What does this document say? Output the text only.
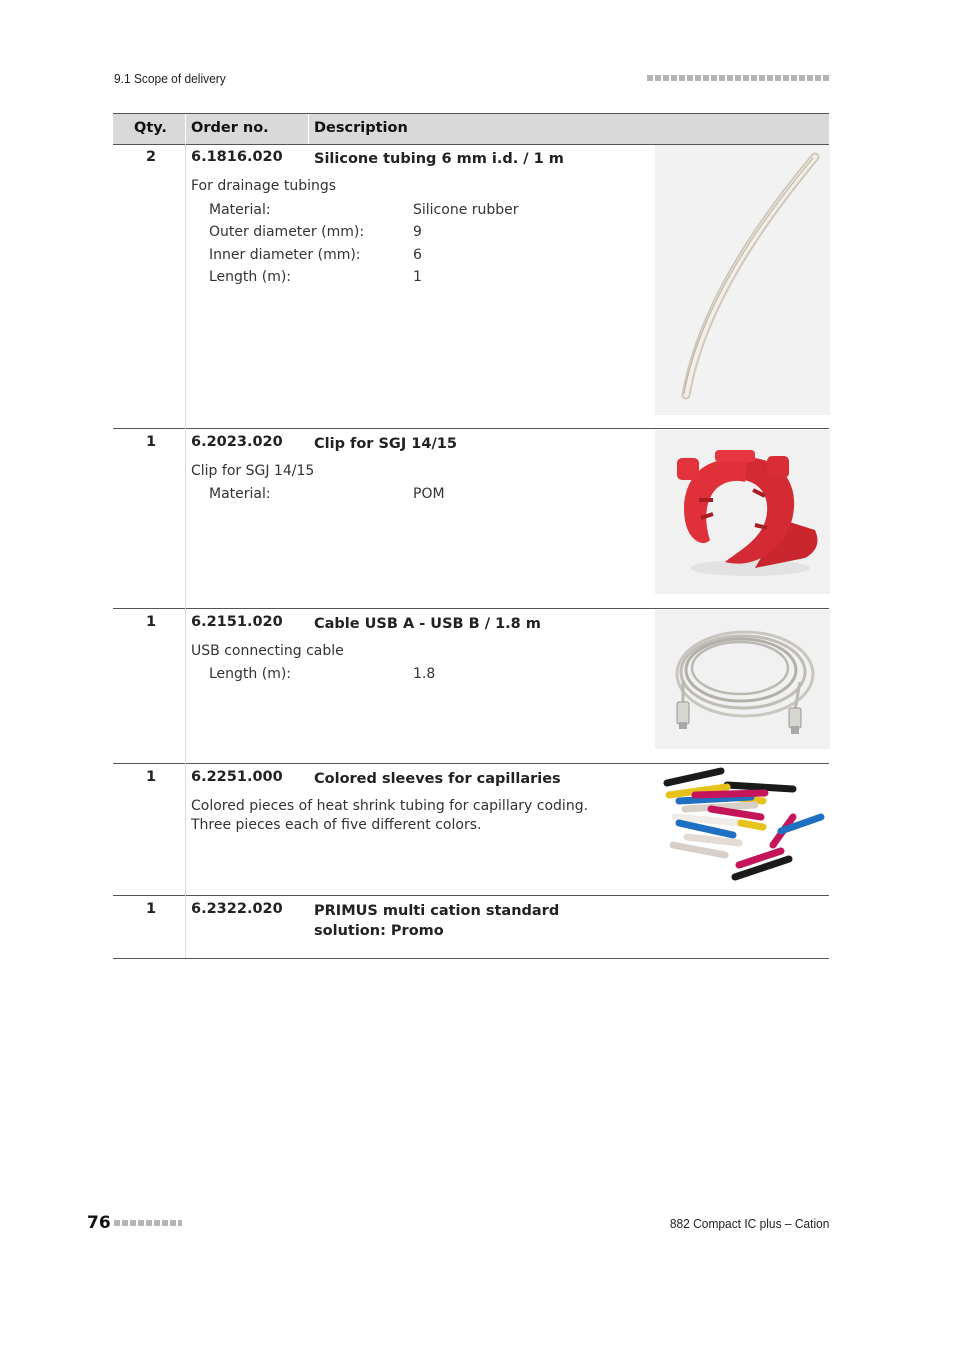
9.1 Scope of delivery
Qty. Order no.	Description
2 6.1816.020 Silicone tubing 6 mm i.d. / 1 m
For drainage tubings
Material:	Silicone rubber
Outer diameter (mm):	9
Inner diameter (mm):	6
Length (m):	1
1 6.2023.020 Clip for SGJ 14/15
Clip for SGJ 14/15
Material:	POM
1 6.2151.020 Cable USB A - USB B / 1.8 m
USB connecting cable
Length (m):	1.8
1 6.2251.000 Colored sleeves for capillaries
Colored pieces of heat shrink tubing for capillary coding. Three pieces each of five different colors.
1 6.2322.020 PRIMUS multi cation standard solution: Promo
76	882 Compact IC plus – Cation
